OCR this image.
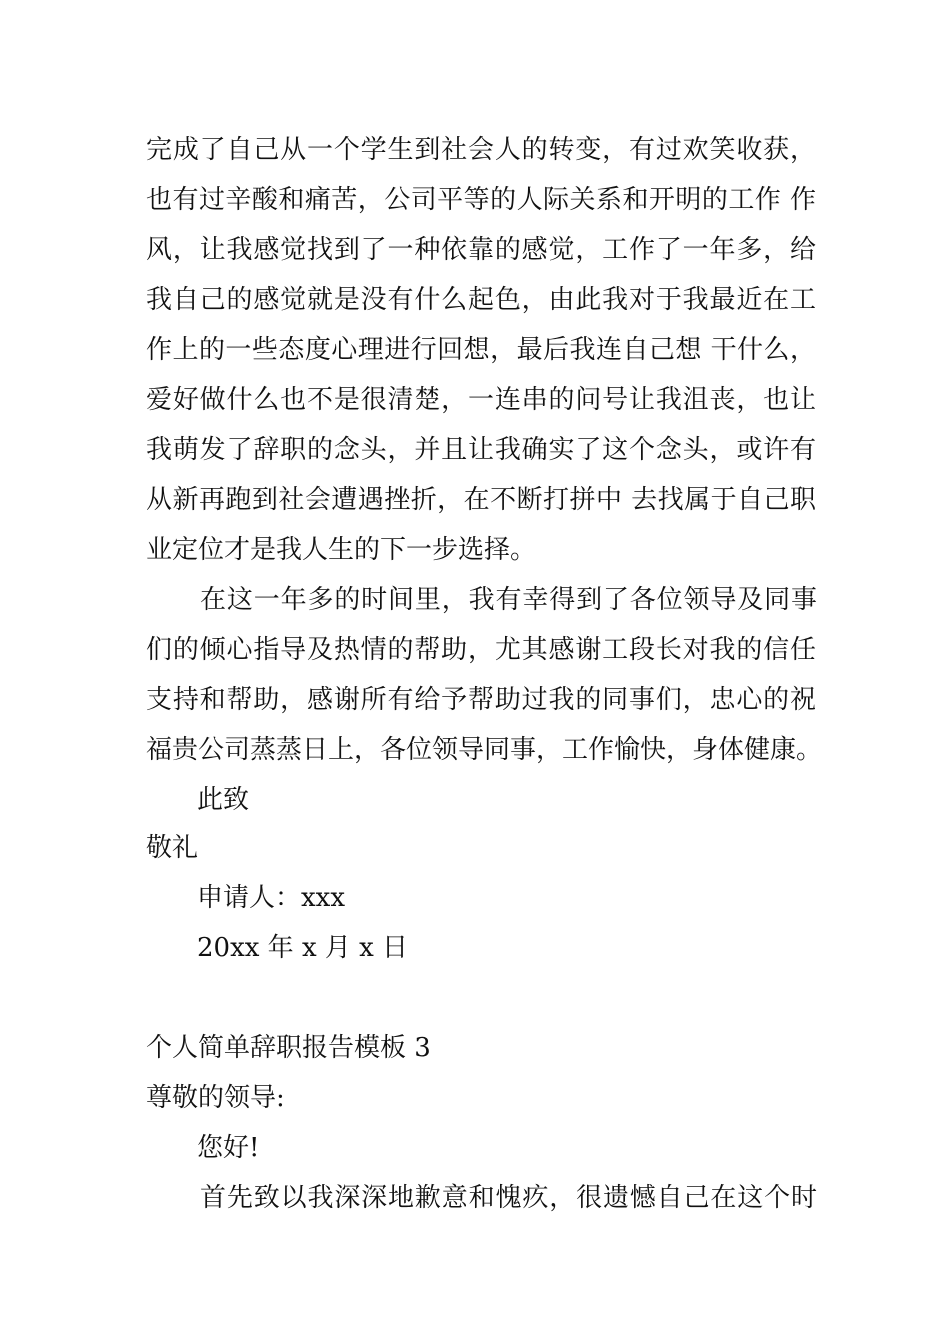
完成了自己从一个学生到社会人的转变，有过欢笑收获，
也有过辛酸和痛苦，公司平等的人际关系和开明的工作 作
风，让我感觉找到了一种依靠的感觉，工作了一年多，给
我自己的感觉就是没有什么起色，由此我对于我最近在工
作上的一些态度心理进行回想，最后我连自己想 干什么，
爱好做什么也不是很清楚，一连串的问号让我沮丧，也让
我萌发了辞职的念头，并且让我确实了这个念头，或许有
从新再跑到社会遭遇挫折，在不断打拼中 去找属于自己职
业定位才是我人生的下一步选择。
在这一年多的时间里，我有幸得到了各位领导及同事
们的倾心指导及热情的帮助，尤其感谢工段长对我的信任
支持和帮助，感谢所有给予帮助过我的同事们，忠心的祝
福贵公司蒸蒸日上，各位领导同事，工作愉快，身体健康。
此致
敬礼
申请人：xxx
20xx 年 x 月 x 日
个人简单辞职报告模板 3
尊敬的领导:
您好!
首先致以我深深地歉意和愧疚，很遗憾自己在这个时
